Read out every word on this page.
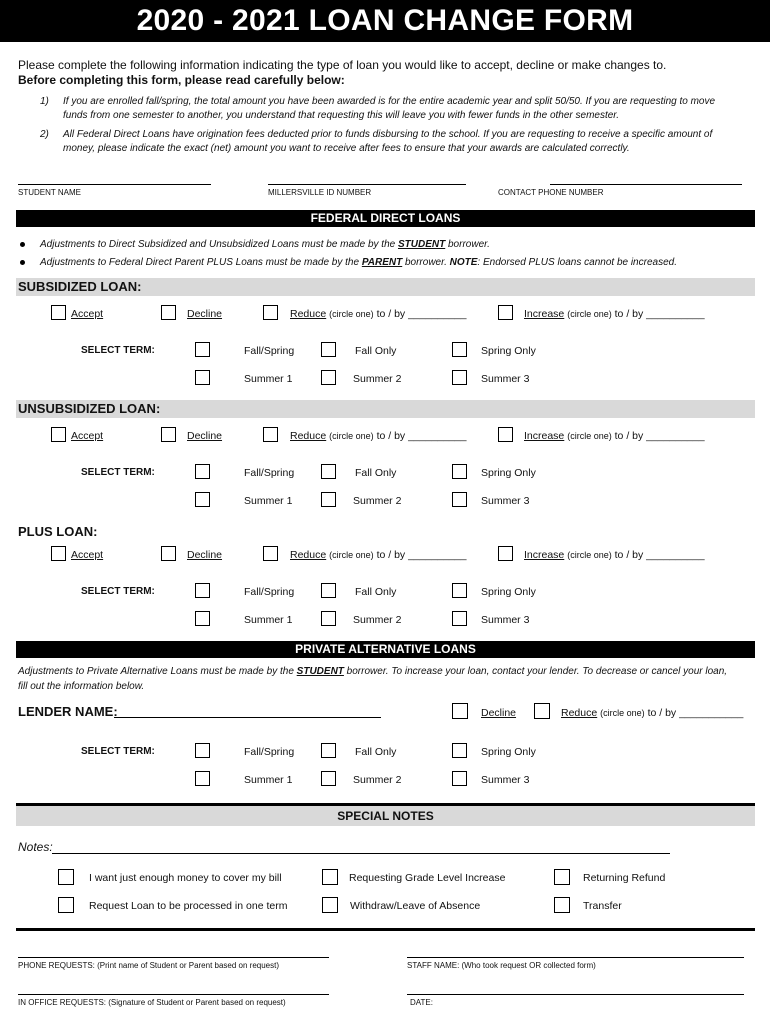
2020 - 2021 LOAN CHANGE FORM
Please complete the following information indicating the type of loan you would like to accept, decline or make changes to.
Before completing this form, please read carefully below:
1) If you are enrolled fall/spring, the total amount you have been awarded is for the entire academic year and split 50/50. If you are requesting to move
funds from one semester to another, you understand that requesting this will leave you with fewer funds in the other semester.
2) All Federal Direct Loans have origination fees deducted prior to funds disbursing to the school. If you are requesting to receive a specific amount of
money, please indicate the exact (net) amount you want to receive after fees to ensure that your awards are calculated correctly.
STUDENT NAME	MILLERSVILLE ID NUMBER	CONTACT PHONE NUMBER
FEDERAL DIRECT LOANS
Adjustments to Direct Subsidized and Unsubsidized Loans must be made by the STUDENT borrower.
Adjustments to Federal Direct Parent PLUS Loans must be made by the PARENT borrower. NOTE: Endorsed PLUS loans cannot be increased.
SUBSIDIZED LOAN:
Accept	Decline	Reduce (circle one) to / by __________	Increase (circle one) to / by __________
SELECT TERM:	Fall/Spring	Fall Only	Spring Only
Summer 1	Summer 2	Summer 3
UNSUBSIDIZED LOAN:
Accept	Decline	Reduce (circle one) to / by __________	Increase (circle one) to / by __________
SELECT TERM:	Fall/Spring	Fall Only	Spring Only
Summer 1	Summer 2	Summer 3
PLUS LOAN:
Accept	Decline	Reduce (circle one) to / by __________	Increase (circle one) to / by __________
SELECT TERM:	Fall/Spring	Fall Only	Spring Only
Summer 1	Summer 2	Summer 3
PRIVATE ALTERNATIVE LOANS
Adjustments to Private Alternative Loans must be made by the STUDENT borrower. To increase your loan, contact your lender. To decrease or cancel your loan,
fill out the information below.
LENDER NAME:	Decline	Reduce (circle one) to / by ___________
SELECT TERM:	Fall/Spring	Fall Only	Spring Only
Summer 1	Summer 2	Summer 3
SPECIAL NOTES
Notes:
I want just enough money to cover my bill	Requesting Grade Level Increase	Returning Refund
Request Loan to be processed in one term	Withdraw/Leave of Absence	Transfer
PHONE REQUESTS: (Print name of Student or Parent based on request)	STAFF NAME: (Who took request OR collected form)
IN OFFICE REQUESTS: (Signature of Student or Parent based on request)	DATE:
